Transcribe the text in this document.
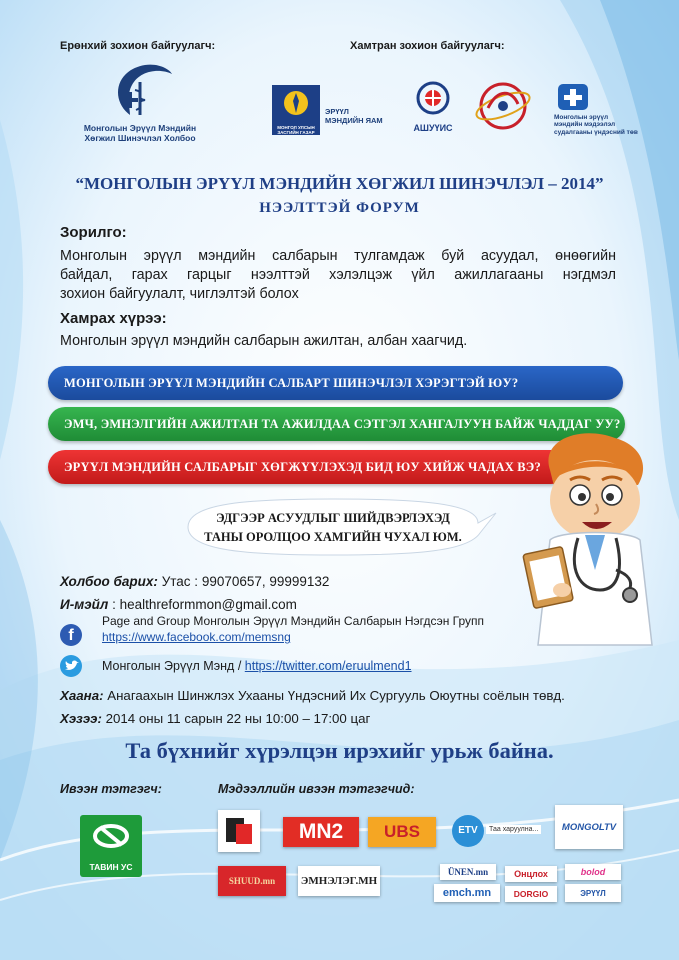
Ерөнхий зохион байгуулагч:	Хамтран зохион байгуулагч:
Монголын Эрүүл Мэндийн
Хөгжил Шинэчлэл Холбоо
МОНГОЛ УЛСЫН
ЗАСГИЙН ГАЗАР
ЭРҮҮЛ
МЭНДИЙН ЯАМ
АШУҮИС
Монголын эрүүл
мэндийн мэдээлэл
судалгааны үндэсний төв
“МОНГОЛЫН ЭРҮҮЛ МЭНДИЙН ХӨГЖИЛ ШИНЭЧЛЭЛ – 2014”
НЭЭЛТТЭЙ ФОРУМ
Зорилго:
Монголын эрүүл мэндийн салбарын тулгамдаж буй асуудал, өнөөгийн
байдал, гарах гарцыг нээлттэй хэлэлцэж үйл ажиллагааны нэгдмэл
зохион байгуулалт, чиглэлтэй болох
Хамрах хүрээ:
Монголын эрүүл мэндийн салбарын ажилтан, албан хаагчид.
МОНГОЛЫН ЭРҮҮЛ МЭНДИЙН САЛБАРТ ШИНЭЧЛЭЛ ХЭРЭГТЭЙ ЮУ?
ЭМЧ, ЭМНЭЛГИЙН АЖИЛТАН ТА АЖИЛДАА СЭТГЭЛ ХАНГАЛУУН БАЙЖ ЧАДДАГ УУ?
ЭРҮҮЛ МЭНДИЙН САЛБАРЫГ ХӨГЖҮҮЛЭХЭД БИД ЮУ ХИЙЖ ЧАДАХ ВЭ?
ЭДГЭЭР АСУУДЛЫГ ШИЙДВЭРЛЭХЭД
ТАНЫ ОРОЛЦОО ХАМГИЙН ЧУХАЛ ЮМ.
Холбоо барих: Утас : 99070657, 99999132
И-мэйл : healthreformmon@gmail.com
f
Page and Group Монголын Эрүүл Мэндийн Салбарын Нэгдсэн Групп
https://www.facebook.com/memsng
Монголын Эрүүл Мэнд / https://twitter.com/eruulmend1
Хаана: Анагаахын Шинжлэх Ухааны Үндэсний Их Сургууль Оюутны соёлын төвд.
Хэзээ: 2014 оны 11 сарын 22 ны 10:00 – 17:00 цаг
Та бүхнийг хүрэлцэн ирэхийг урьж байна.
Ивээн тэтгэгч:	Мэдээллийн ивээн тэтгэгчид:
ТАВИН УС
MN2	UBS	ETV	Таа харуулна...	MONGOLTV
SHUUD.mn	ЭМНЭЛЭГ.МН
ÜNEN.mn
emch.mn
Онцлох
DORGIO
bolod
ЭРҮҮЛ
